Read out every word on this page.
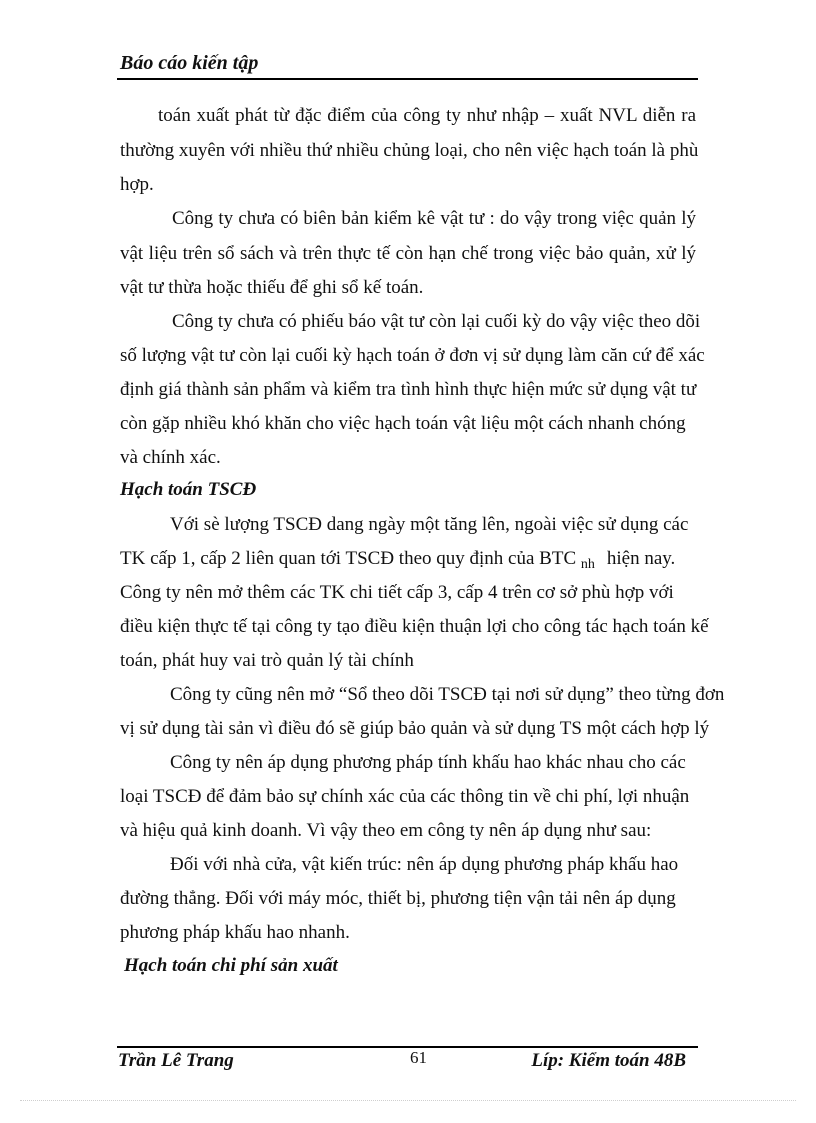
Báo cáo kiến tập
toán xuất phát từ đặc điểm của công ty như nhập – xuất NVL diễn ra
thường xuyên với nhiều thứ nhiều chủng loại, cho nên việc hạch toán là phù
hợp.
Công ty chưa có biên bản kiểm kê vật tư : do vậy trong việc quản lý
vật liệu trên sổ sách và trên thực tế còn hạn chế trong việc bảo quản, xử lý
vật tư thừa hoặc thiếu để ghi sổ kế toán.
Công ty chưa có phiếu báo vật tư còn lại cuối kỳ do vậy việc theo dõi
số lượng vật tư còn lại cuối kỳ hạch toán ở đơn vị sử dụng làm căn cứ để xác
định giá thành sản phẩm và kiểm tra tình hình thực hiện mức sử dụng vật tư
còn gặp nhiều khó khăn cho việc hạch toán vật liệu một cách nhanh chóng
và chính xác.
Hạch toán TSCĐ
Với sè lượng TSCĐ dang ngày một tăng lên, ngoài việc sử dụng các
TK cấp 1, cấp 2 liên quan tới TSCĐ theo quy định của BTC $_{nh}$ hiện nay.
Công ty nên mở thêm các TK chi tiết cấp 3, cấp 4 trên cơ sở phù hợp với
điều kiện thực tế tại công ty tạo điều kiện thuận lợi cho công tác hạch toán kế
toán, phát huy vai trò quản lý tài chính
Công ty cũng nên mở “Sổ theo dõi TSCĐ tại nơi sử dụng” theo từng đơn
vị sử dụng tài sản vì điều đó sẽ giúp bảo quản và sử dụng TS một cách hợp lý
Công ty nên áp dụng phương pháp tính khấu hao khác nhau cho các
loại TSCĐ để đảm bảo sự chính xác của các thông tin về chi phí, lợi nhuận
và hiệu quả kinh doanh. Vì vậy theo em công ty nên áp dụng như sau:
Đối với nhà cửa, vật kiến trúc: nên áp dụng phương pháp khấu hao
đường thẳng. Đối với máy móc, thiết bị, phương tiện vận tải nên áp dụng
phương pháp khấu hao nhanh.
Hạch toán chi phí sản xuất
Trần Lê Trang	61	Líp: Kiểm toán 48B
